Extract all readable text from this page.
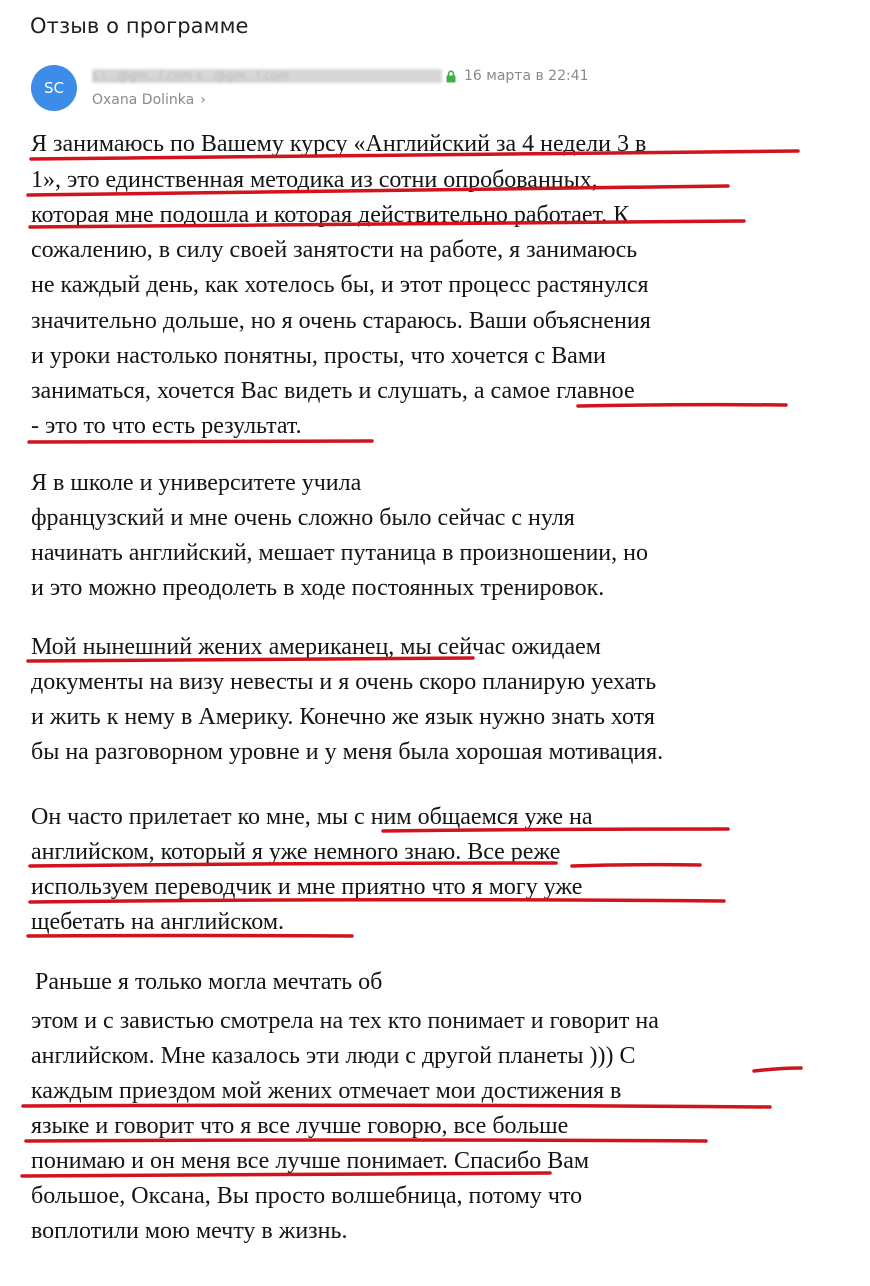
Отзыв о программе
SC
s.l...@gm...l.com s...@gm...l.com	16 марта в 22:41
Oxana Dolinka ›
Я занимаюсь по Вашему курсу «Английский за 4 недели 3 в
1», это единственная методика из сотни опробованных,
которая мне подошла и которая действительно работает. К
сожалению, в силу своей занятости на работе, я занимаюсь
не каждый день, как хотелось бы, и этот процесс растянулся
значительно дольше, но я очень стараюсь. Ваши объяснения
и уроки настолько понятны, просты, что хочется с Вами
заниматься, хочется Вас видеть и слушать, а самое главное
- это то что есть результат.
Я в школе и университете учила
французский и мне очень сложно было сейчас с нуля
начинать английский, мешает путаница в произношении, но
и это можно преодолеть в ходе постоянных тренировок.
Мой нынешний жених американец, мы сейчас ожидаем
документы на визу невесты и я очень скоро планирую уехать
и жить к нему в Америку. Конечно же язык нужно знать хотя
бы на разговорном уровне и у меня была хорошая мотивация.
Он часто прилетает ко мне, мы с ним общаемся уже на
английском, который я уже немного знаю. Все реже
используем переводчик и мне приятно что я могу уже
щебетать на английском.
Раньше я только могла мечтать об
этом и с завистью смотрела на тех кто понимает и говорит на
английском. Мне казалось эти люди с другой планеты ))) С
каждым приездом мой жених отмечает мои достижения в
языке и говорит что я все лучше говорю, все больше
понимаю и он меня все лучше понимает. Спасибо Вам
большое, Оксана, Вы просто волшебница, потому что
воплотили мою мечту в жизнь.
